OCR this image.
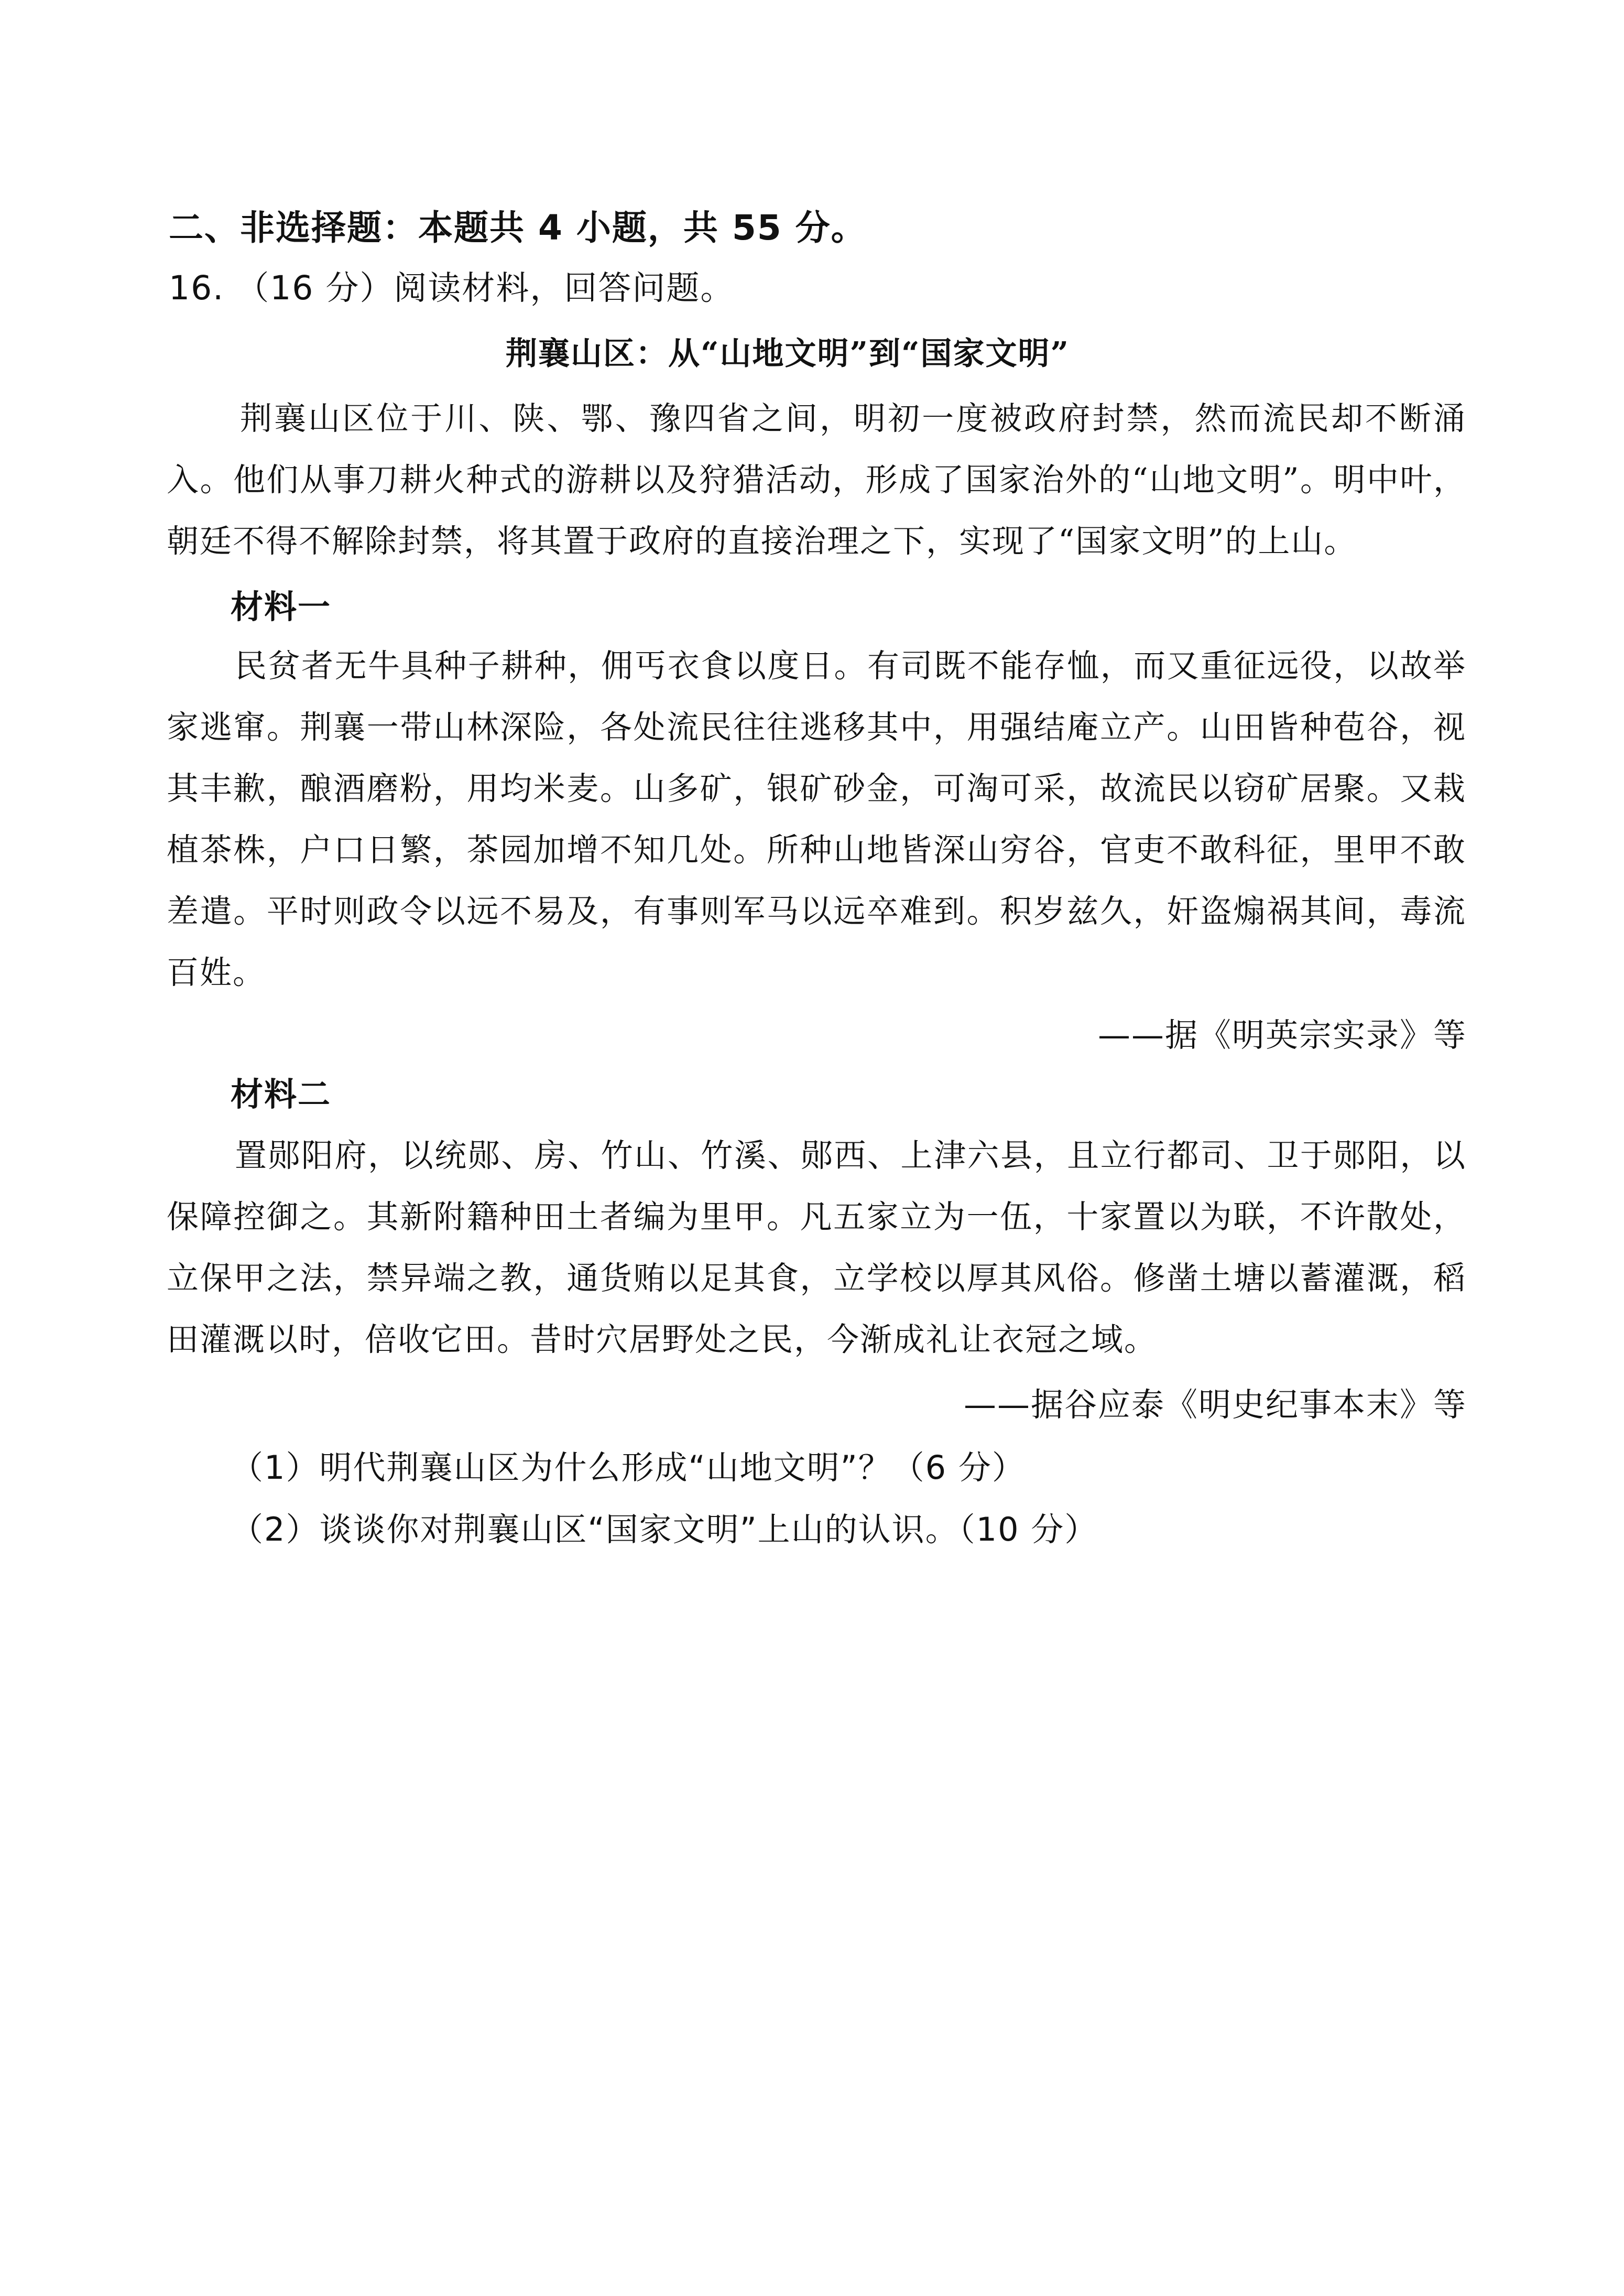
二、非选择题：本题共 4 小题，共 55 分。
16. （16 分）阅读材料，回答问题。
荆襄山区：从“山地文明”到“国家文明”
荆襄山区位于川、陕、鄂、豫四省之间，明初一度被政府封禁，然而流民却不断涌入。他们从事刀耕火种式的游耕以及狩猎活动，形成了国家治外的“山地文明”。明中叶，朝廷不得不解除封禁，将其置于政府的直接治理之下，实现了“国家文明”的上山。
材料一
民贫者无牛具种子耕种，佣丐衣食以度日。有司既不能存恤，而又重征远役，以故举家逃窜。荆襄一带山林深险，各处流民往往逃移其中，用强结庵立产。山田皆种苞谷，视其丰歉，酿酒磨粉，用均米麦。山多矿，银矿砂金，可淘可采，故流民以窃矿居聚。又栽植茶株，户口日繁，茶园加增不知几处。所种山地皆深山穷谷，官吏不敢科征，里甲不敢差遣。平时则政令以远不易及，有事则军马以远卒难到。积岁兹久，奸盗煽祸其间，毒流百姓。
——据《明英宗实录》等
材料二
置郧阳府，以统郧、房、竹山、竹溪、郧西、上津六县，且立行都司、卫于郧阳，以保障控御之。其新附籍种田土者编为里甲。凡五家立为一伍，十家置以为联，不许散处，立保甲之法，禁异端之教，通货贿以足其食，立学校以厚其风俗。修凿土塘以蓄灌溉，稻田灌溉以时，倍收它田。昔时穴居野处之民，今渐成礼让衣冠之域。
——据谷应泰《明史纪事本末》等
（1）明代荆襄山区为什么形成“山地文明”？（6 分）
（2）谈谈你对荆襄山区“国家文明”上山的认识。（10 分）
